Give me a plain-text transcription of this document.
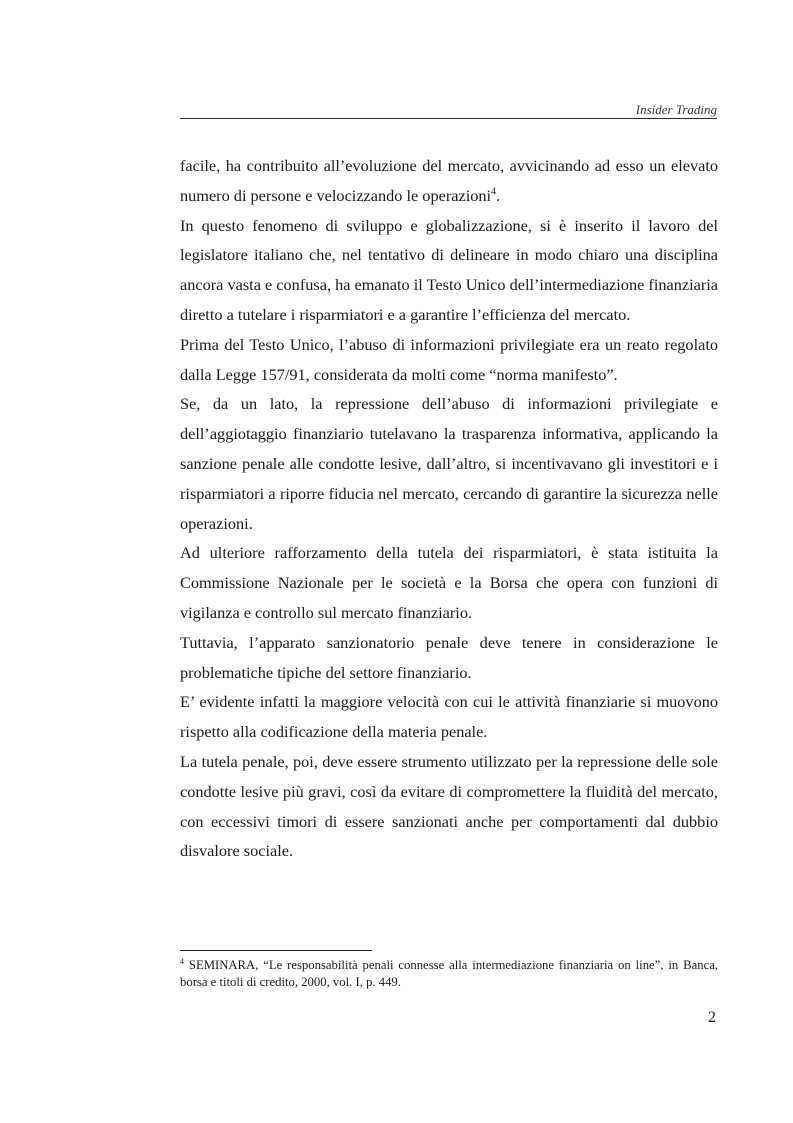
Insider Trading

facile, ha contribuito all’evoluzione del mercato, avvicinando ad esso un elevato numero di persone e velocizzando le operazioni$^4$.

In questo fenomeno di sviluppo e globalizzazione, si è inserito il lavoro del legislatore italiano che, nel tentativo di delineare in modo chiaro una disciplina ancora vasta e confusa, ha emanato il Testo Unico dell’intermediazione finanziaria diretto a tutelare i risparmiatori e a garantire l’efficienza del mercato.

Prima del Testo Unico, l’abuso di informazioni privilegiate era un reato regolato dalla Legge 157/91, considerata da molti come “norma manifesto”.

Se, da un lato, la repressione dell’abuso di informazioni privilegiate e dell’aggiotaggio finanziario tutelavano la trasparenza informativa, applicando la sanzione penale alle condotte lesive, dall’altro, si incentivavano gli investitori e i risparmiatori a riporre fiducia nel mercato, cercando di garantire la sicurezza nelle operazioni.

Ad ulteriore rafforzamento della tutela dei risparmiatori, è stata istituita la Commissione Nazionale per le società e la Borsa che opera con funzioni di vigilanza e controllo sul mercato finanziario.

Tuttavia, l’apparato sanzionatorio penale deve tenere in considerazione le problematiche tipiche del settore finanziario.

E’ evidente infatti la maggiore velocità con cui le attività finanziarie si muovono rispetto alla codificazione della materia penale.

La tutela penale, poi, deve essere strumento utilizzato per la repressione delle sole condotte lesive più gravi, così da evitare di compromettere la fluidità del mercato, con eccessivi timori di essere sanzionati anche per comportamenti dal dubbio disvalore sociale.

$^4$ SEMINARA, “Le responsabilità penali connesse alla intermediazione finanziaria on line”, in Banca, borsa e titoli di credito, 2000, vol. I, p. 449.
2
